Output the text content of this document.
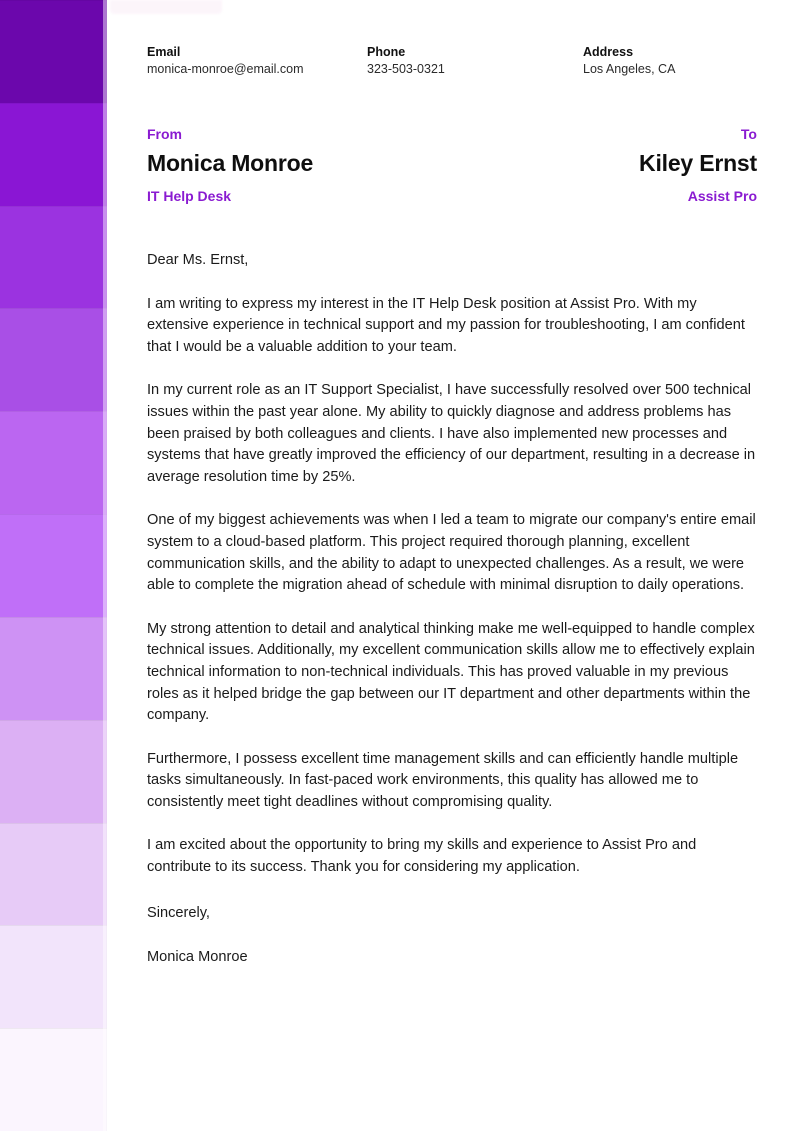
Email
monica-monroe@email.com
Phone
323-503-0321
Address
Los Angeles, CA
From
Monica Monroe
IT Help Desk
To
Kiley Ernst
Assist Pro

Dear Ms. Ernst,

I am writing to express my interest in the IT Help Desk position at Assist Pro. With my extensive experience in technical support and my passion for troubleshooting, I am confident that I would be a valuable addition to your team.

In my current role as an IT Support Specialist, I have successfully resolved over 500 technical issues within the past year alone. My ability to quickly diagnose and address problems has been praised by both colleagues and clients. I have also implemented new processes and systems that have greatly improved the efficiency of our department, resulting in a decrease in average resolution time by 25%.

One of my biggest achievements was when I led a team to migrate our company's entire email system to a cloud-based platform. This project required thorough planning, excellent communication skills, and the ability to adapt to unexpected challenges. As a result, we were able to complete the migration ahead of schedule with minimal disruption to daily operations.

My strong attention to detail and analytical thinking make me well-equipped to handle complex technical issues. Additionally, my excellent communication skills allow me to effectively explain technical information to non-technical individuals. This has proved valuable in my previous roles as it helped bridge the gap between our IT department and other departments within the company.

Furthermore, I possess excellent time management skills and can efficiently handle multiple tasks simultaneously. In fast-paced work environments, this quality has allowed me to consistently meet tight deadlines without compromising quality.

I am excited about the opportunity to bring my skills and experience to Assist Pro and contribute to its success. Thank you for considering my application.

Sincerely,

Monica Monroe
